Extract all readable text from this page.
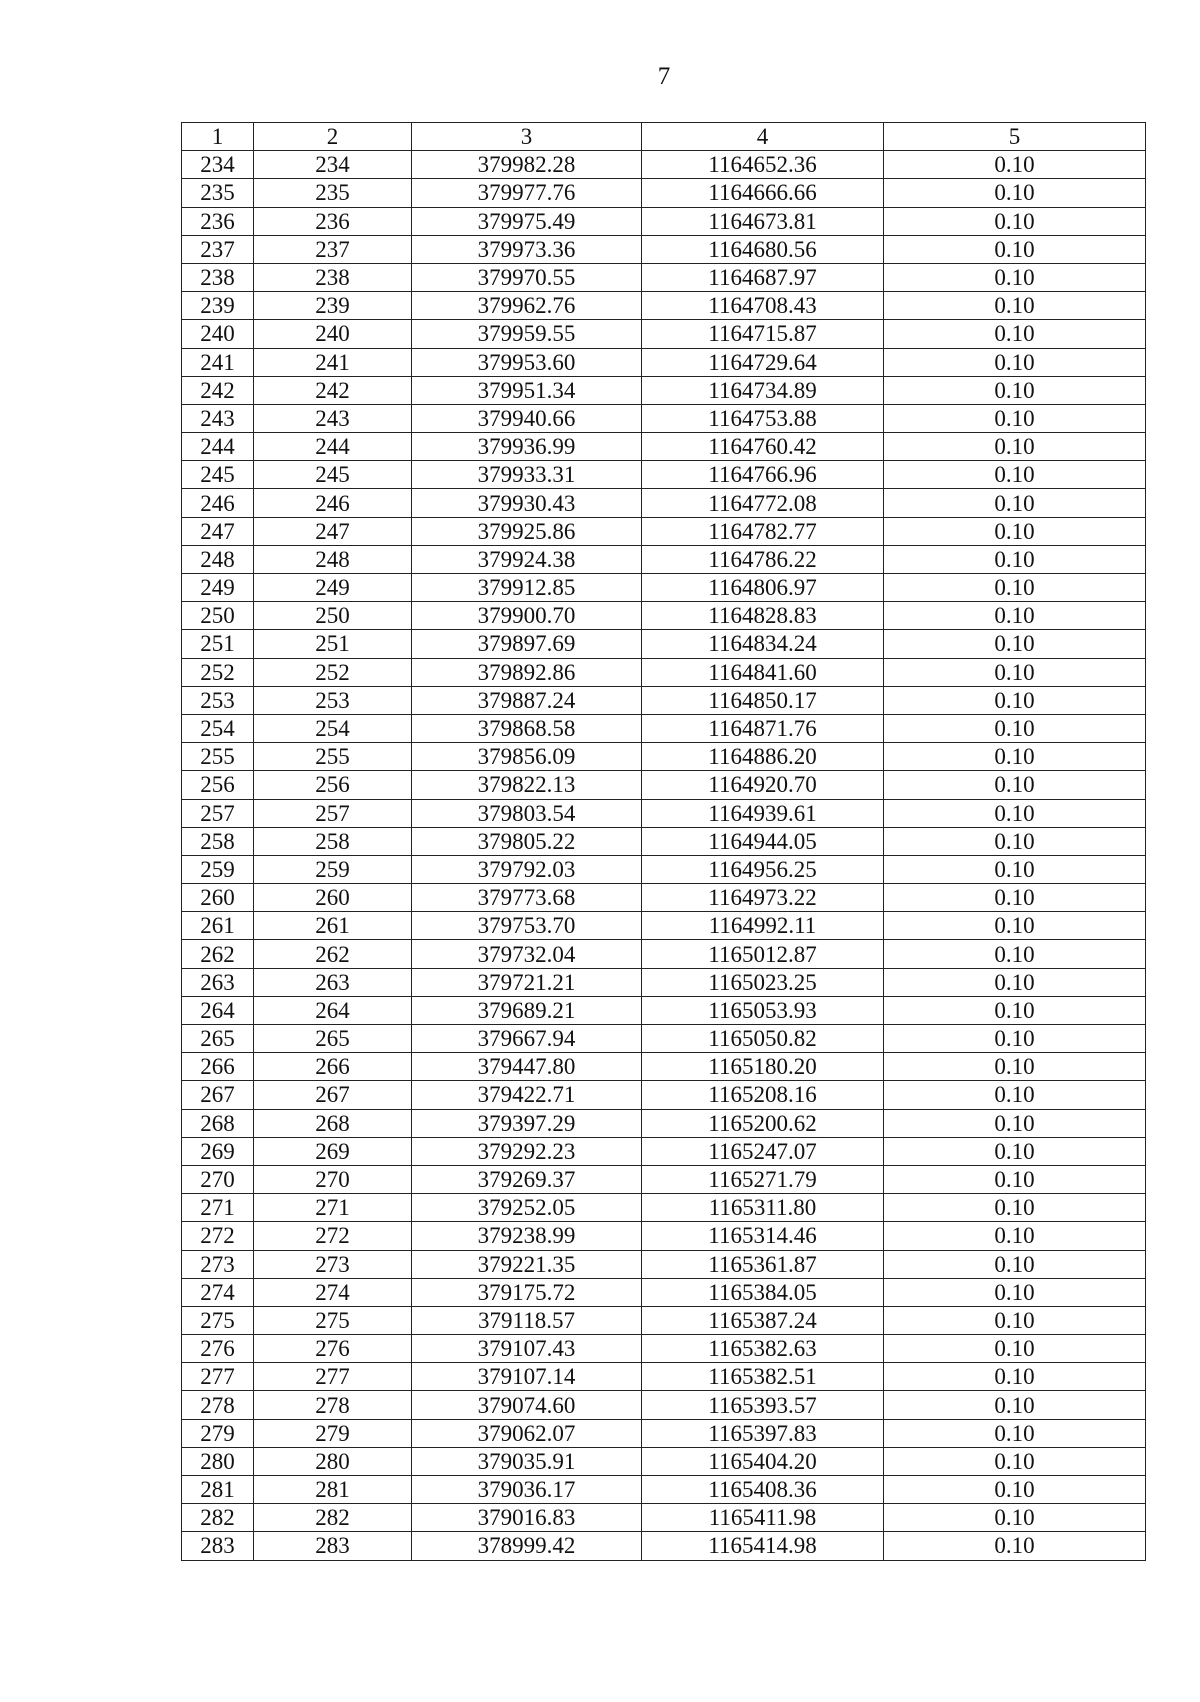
7
1	2	3	4	5
234	234	379982.28	1164652.36	0.10
235	235	379977.76	1164666.66	0.10
236	236	379975.49	1164673.81	0.10
237	237	379973.36	1164680.56	0.10
238	238	379970.55	1164687.97	0.10
239	239	379962.76	1164708.43	0.10
240	240	379959.55	1164715.87	0.10
241	241	379953.60	1164729.64	0.10
242	242	379951.34	1164734.89	0.10
243	243	379940.66	1164753.88	0.10
244	244	379936.99	1164760.42	0.10
245	245	379933.31	1164766.96	0.10
246	246	379930.43	1164772.08	0.10
247	247	379925.86	1164782.77	0.10
248	248	379924.38	1164786.22	0.10
249	249	379912.85	1164806.97	0.10
250	250	379900.70	1164828.83	0.10
251	251	379897.69	1164834.24	0.10
252	252	379892.86	1164841.60	0.10
253	253	379887.24	1164850.17	0.10
254	254	379868.58	1164871.76	0.10
255	255	379856.09	1164886.20	0.10
256	256	379822.13	1164920.70	0.10
257	257	379803.54	1164939.61	0.10
258	258	379805.22	1164944.05	0.10
259	259	379792.03	1164956.25	0.10
260	260	379773.68	1164973.22	0.10
261	261	379753.70	1164992.11	0.10
262	262	379732.04	1165012.87	0.10
263	263	379721.21	1165023.25	0.10
264	264	379689.21	1165053.93	0.10
265	265	379667.94	1165050.82	0.10
266	266	379447.80	1165180.20	0.10
267	267	379422.71	1165208.16	0.10
268	268	379397.29	1165200.62	0.10
269	269	379292.23	1165247.07	0.10
270	270	379269.37	1165271.79	0.10
271	271	379252.05	1165311.80	0.10
272	272	379238.99	1165314.46	0.10
273	273	379221.35	1165361.87	0.10
274	274	379175.72	1165384.05	0.10
275	275	379118.57	1165387.24	0.10
276	276	379107.43	1165382.63	0.10
277	277	379107.14	1165382.51	0.10
278	278	379074.60	1165393.57	0.10
279	279	379062.07	1165397.83	0.10
280	280	379035.91	1165404.20	0.10
281	281	379036.17	1165408.36	0.10
282	282	379016.83	1165411.98	0.10
283	283	378999.42	1165414.98	0.10
